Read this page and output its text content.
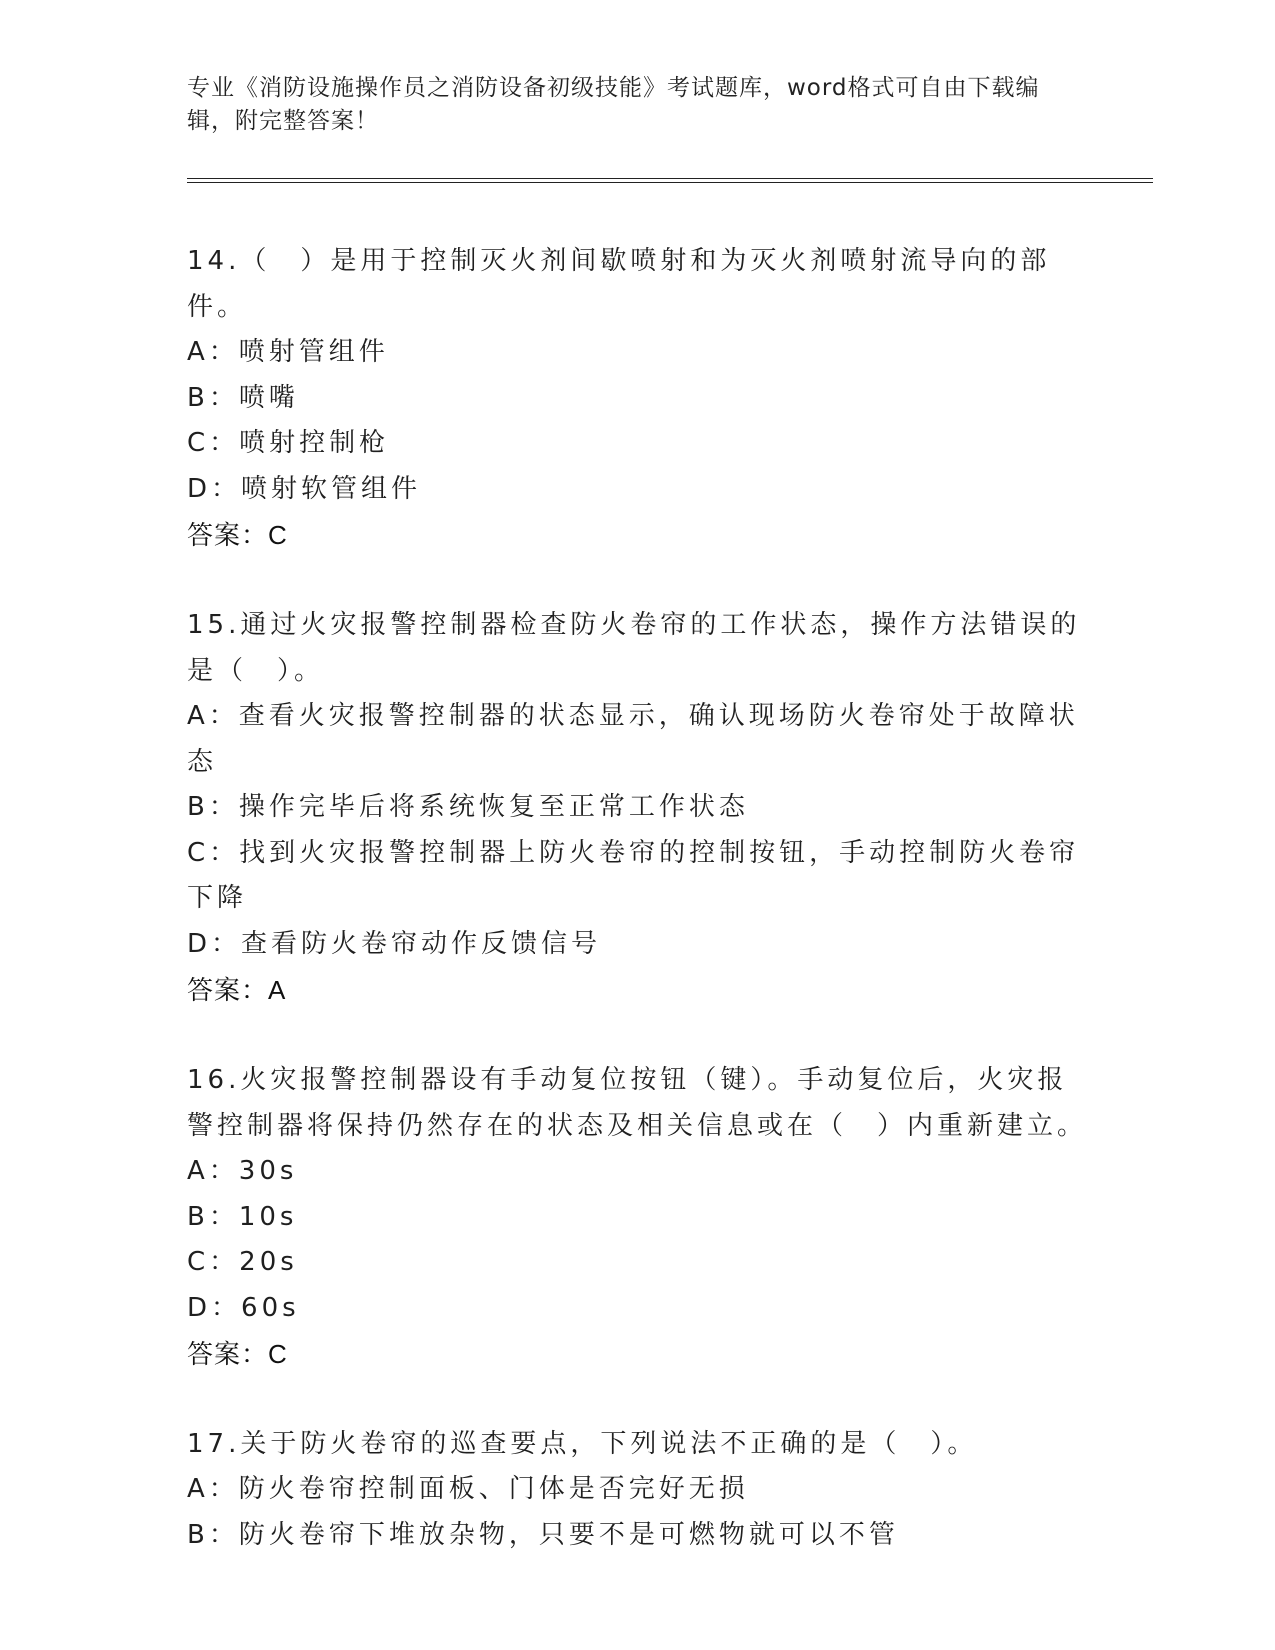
专业《消防设施操作员之消防设备初级技能》考试题库，word格式可自由下载编辑，附完整答案！

14.（　）是用于控制灭火剂间歇喷射和为灭火剂喷射流导向的部件。

A：喷射管组件

B：喷嘴

C：喷射控制枪

D：喷射软管组件

答案：C

15.通过火灾报警控制器检查防火卷帘的工作状态，操作方法错误的是（　）。

A：查看火灾报警控制器的状态显示，确认现场防火卷帘处于故障状态

B：操作完毕后将系统恢复至正常工作状态

C：找到火灾报警控制器上防火卷帘的控制按钮，手动控制防火卷帘下降

D：查看防火卷帘动作反馈信号

答案：A

16.火灾报警控制器设有手动复位按钮（键）。手动复位后，火灾报警控制器将保持仍然存在的状态及相关信息或在（　）内重新建立。

A：30s

B：10s

C：20s

D：60s

答案：C

17.关于防火卷帘的巡查要点，下列说法不正确的是（　）。

A：防火卷帘控制面板、门体是否完好无损

B：防火卷帘下堆放杂物，只要不是可燃物就可以不管
